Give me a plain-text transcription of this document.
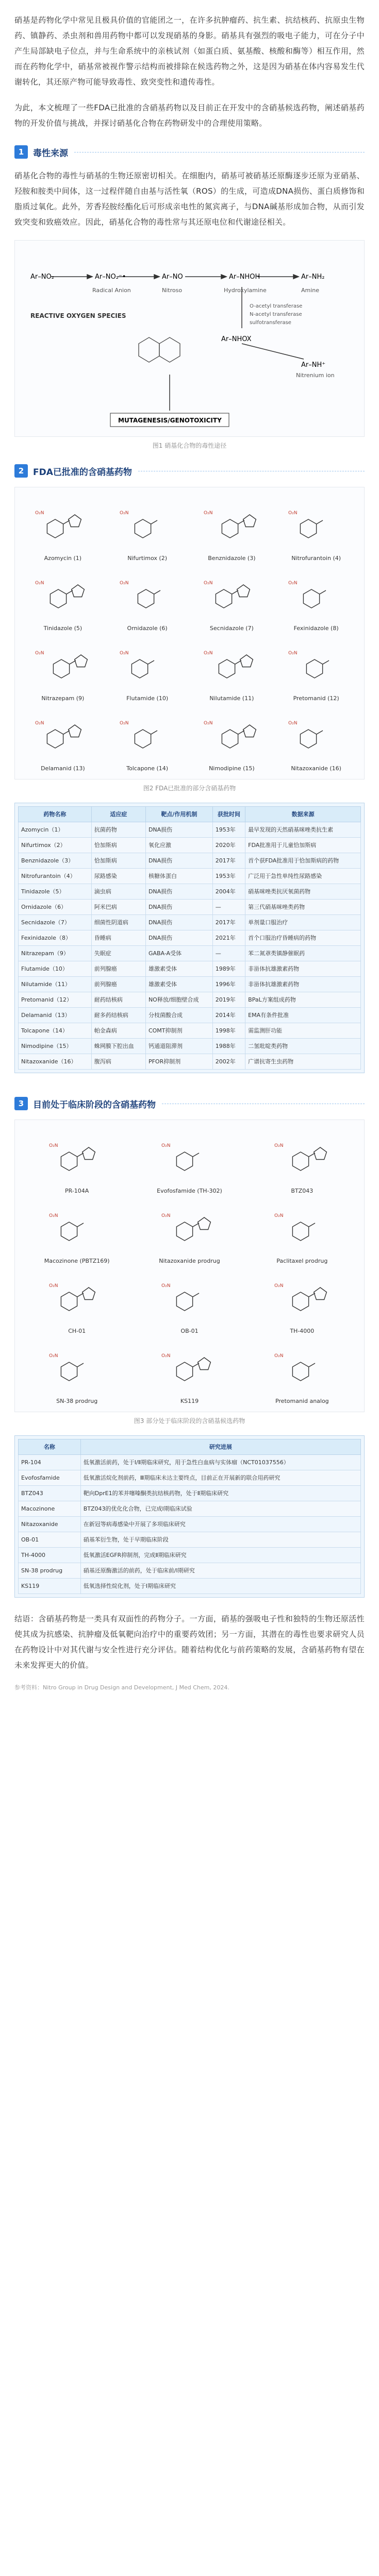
硝基是药物化学中常见且极具价值的官能团之一，在许多抗肿瘤药、抗生素、抗结核药、抗原虫生物药、镇静药、杀虫剂和兽用药物中都可以发现硝基的身影。硝基具有强烈的吸电子能力，可在分子中产生局部缺电子位点，并与生命系统中的亲核试剂（如蛋白质、氨基酸、核酸和酶等）相互作用，然而在药物化学中，硝基常被视作警示结构而被排除在候选药物之外，这是因为硝基在体内容易发生代谢转化，其还原产物可能导致毒性、致突变性和遗传毒性。

为此，本文梳理了一些FDA已批准的含硝基药物以及目前正在开发中的含硝基候选药物，阐述硝基药物的开发价值与挑战，并探讨硝基化合物在药物研发中的合理使用策略。

1	毒性来源

硝基化合物的毒性与硝基的生物还原密切相关。在细胞内，硝基可被硝基还原酶逐步还原为亚硝基、羟胺和胺类中间体，这一过程伴随自由基与活性氧（ROS）的生成，可造成DNA损伤、蛋白质修饰和脂质过氧化。此外，芳香羟胺经酯化后可形成亲电性的氮宾离子，与DNA碱基形成加合物，从而引发致突变和致癌效应。因此，硝基化合物的毒性常与其还原电位和代谢途径相关。

Ar–NO₂	Ar–NO₂⁻•	Ar–NO	Ar–NHOH	Ar–NH₂
Radical Anion	Nitroso	Hydroxylamine	Amine
REACTIVE OXYGEN SPECIES
O-acetyl transferase
N-acetyl transferase
sulfotransferase
Ar–NHOX
Ar–NH⁺
Nitrenium ion
MUTAGENESIS/GENOTOXICITY
图1 硝基化合物的毒性途径
2	FDA已批准的含硝基药物
O₂N
Azomycin (1)
O₂N
Nifurtimox (2)
O₂N
Benznidazole (3)
O₂N
Nitrofurantoin (4)
O₂N
Tinidazole (5)
O₂N
Ornidazole (6)
O₂N
Secnidazole (7)
O₂N
Fexinidazole (8)
O₂N
Nitrazepam (9)
O₂N
Flutamide (10)
O₂N
Nilutamide (11)
O₂N
Pretomanid (12)
O₂N
Delamanid (13)
O₂N
Tolcapone (14)
O₂N
Nimodipine (15)
O₂N
Nitazoxanide (16)
图2 FDA已批准的部分含硝基药物
药物名称	适应症	靶点/作用机制	获批时间	数据来源
Azomycin（1）	抗菌药物	DNA损伤	1953年	最早发现的天然硝基咪唑类抗生素
Nifurtimox（2）	恰加斯病	氧化应激	2020年	FDA批准用于儿童恰加斯病
Benznidazole（3）	恰加斯病	DNA损伤	2017年	首个获FDA批准用于恰加斯病的药物
Nitrofurantoin（4）	尿路感染	核糖体蛋白	1953年	广泛用于急性单纯性尿路感染
Tinidazole（5）	滴虫病	DNA损伤	2004年	硝基咪唑类抗厌氧菌药物
Ornidazole（6）	阿米巴病	DNA损伤	—	第三代硝基咪唑类药物
Secnidazole（7）	细菌性阴道病	DNA损伤	2017年	单剂量口服治疗
Fexinidazole（8）	昏睡病	DNA损伤	2021年	首个口服治疗昏睡病的药物
Nitrazepam（9）	失眠症	GABA-A受体	—	苯二氮䓬类镇静催眠药
Flutamide（10）	前列腺癌	雄激素受体	1989年	非甾体抗雄激素药物
Nilutamide（11）	前列腺癌	雄激素受体	1996年	非甾体抗雄激素药物
Pretomanid（12）	耐药结核病	NO释放/细胞壁合成	2019年	BPaL方案组成药物
Delamanid（13）	耐多药结核病	分枝菌酸合成	2014年	EMA有条件批准
Tolcapone（14）	帕金森病	COMT抑制剂	1998年	需监测肝功能
Nimodipine（15）	蛛网膜下腔出血	钙通道阻滞剂	1988年	二氢吡啶类药物
Nitazoxanide（16）	腹泻病	PFOR抑制剂	2002年	广谱抗寄生虫药物
3	目前处于临床阶段的含硝基药物
O₂N
PR-104A
O₂N
Evofosfamide (TH-302)
O₂N
BTZ043
O₂N
Macozinone (PBTZ169)
O₂N
Nitazoxanide prodrug
O₂N
Paclitaxel prodrug
O₂N
CH-01
O₂N
OB-01
O₂N
TH-4000
O₂N
SN-38 prodrug
O₂N
KS119
O₂N
Pretomanid analog
图3 部分处于临床阶段的含硝基候选药物
名称	研究进展
PR-104	低氧激活前药，处于Ⅰ/Ⅱ期临床研究，用于急性白血病与实体瘤（NCT01037556）
Evofosfamide	低氧激活烷化剂前药，Ⅲ期临床未达主要终点，目前正在开展新的联合用药研究
BTZ043	靶向DprE1的苯并噻嗪酮类抗结核药物，处于Ⅱ期临床研究
Macozinone	BTZ043的优化化合物，已完成Ⅰ期临床试验
Nitazoxanide	在新冠等病毒感染中开展了多项临床研究
OB-01	硝基苯衍生物，处于早期临床阶段
TH-4000	低氧激活EGFR抑制剂，完成Ⅱ期临床研究
SN-38 prodrug	硝基还原酶激活的前药，处于临床前/Ⅰ期研究
KS119	低氧选择性烷化剂，处于Ⅰ期临床研究

结语：含硝基药物是一类具有双面性的药物分子。一方面，硝基的强吸电子性和独特的生物还原活性使其成为抗感染、抗肿瘤及低氧靶向治疗中的重要药效团；另一方面，其潜在的毒性也要求研究人员在药物设计中对其代谢与安全性进行充分评估。随着结构优化与前药策略的发展，含硝基药物有望在未来发挥更大的价值。

参考资料：Nitro Group in Drug Design and Development, J Med Chem, 2024.
